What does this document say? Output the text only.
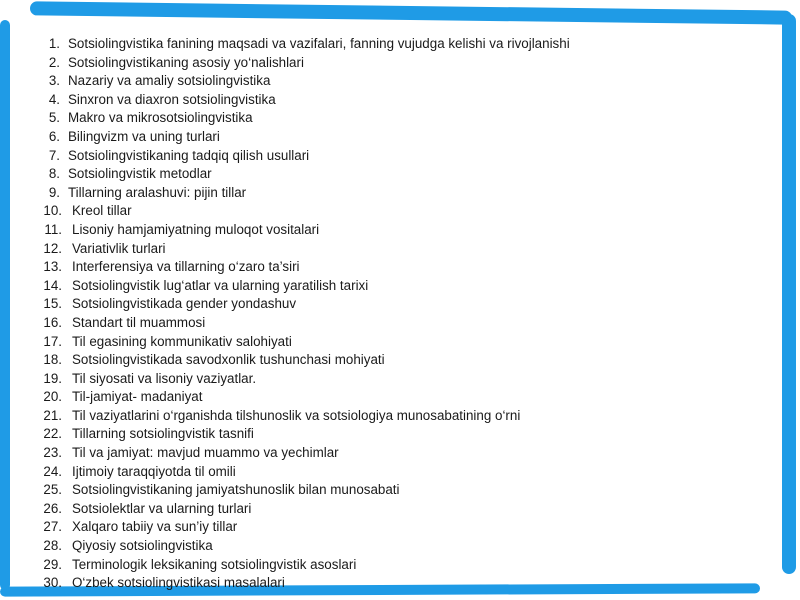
1. Sotsiolingvistika fanining maqsadi va vazifalari, fanning vujudga kelishi va rivojlanishi
2. Sotsiolingvistikaning asosiy yo‘nalishlari
3. Nazariy va amaliy sotsiolingvistika
4. Sinxron va diaxron sotsiolingvistika
5. Makro va mikrosotsiolingvistika
6. Bilingvizm va uning turlari
7. Sotsiolingvistikaning tadqiq qilish usullari
8. Sotsiolingvistik metodlar
9. Tillarning aralashuvi: pijin tillar
10. Kreol tillar
11. Lisoniy hamjamiyatning muloqot vositalari
12. Variativlik turlari
13. Interferensiya va tillarning o‘zaro ta’siri
14. Sotsiolingvistik lug‘atlar va ularning yaratilish tarixi
15. Sotsiolingvistikada gender yondashuv
16. Standart til muammosi
17. Til egasining kommunikativ salohiyati
18. Sotsiolingvistikada savodxonlik tushunchasi mohiyati
19. Til siyosati va lisoniy vaziyatlar.
20. Til-jamiyat- madaniyat
21. Til vaziyatlarini o‘rganishda tilshunoslik va sotsiologiya munosabatining o‘rni
22. Tillarning sotsiolingvistik tasnifi
23. Til va jamiyat: mavjud muammo va yechimlar
24. Ijtimoiy taraqqiyotda til omili
25. Sotsiolingvistikaning jamiyatshunoslik bilan munosabati
26. Sotsiolektlar va ularning turlari
27. Xalqaro tabiiy va sun’iy tillar
28. Qiyosiy sotsiolingvistika
29. Terminologik leksikaning sotsiolingvistik asoslari
30. O‘zbek sotsiolingvistikasi masalalari
